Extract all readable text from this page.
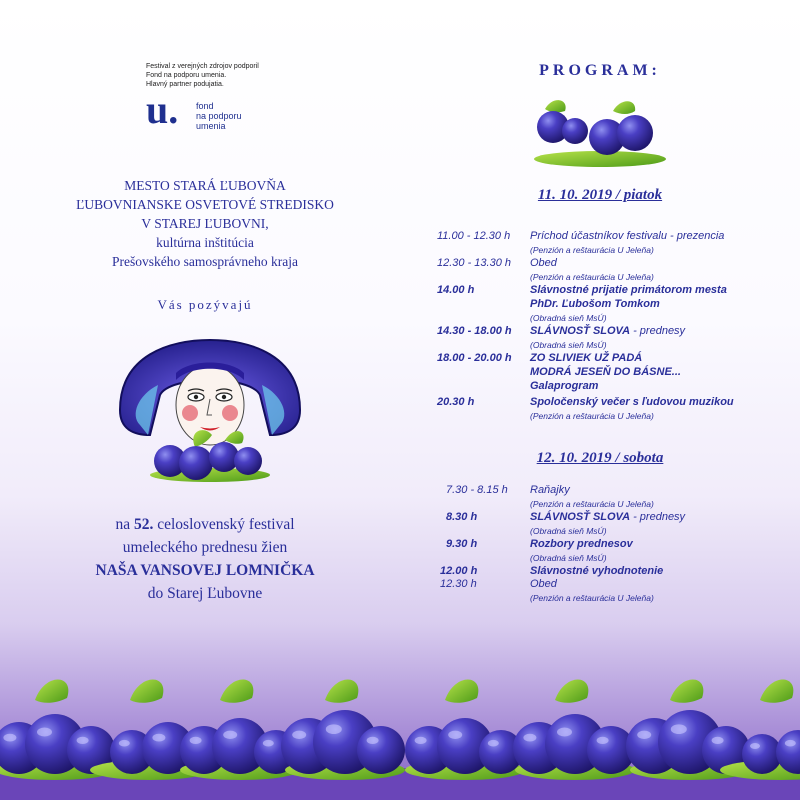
Festival z verejných zdrojov podporil
Fond na podporu umenia.
Hlavný partner podujatia.
u. fond
na podporu
umenia
MESTO STARÁ ĽUBOVŇA
ĽUBOVNIANSKE OSVETOVÉ STREDISKO
V STAREJ ĽUBOVNI,
kultúrna inštitúcia
Prešovského samosprávneho kraja
Vás pozývajú
na 52. celoslovenský festival
umeleckého prednesu žien
NAŠA VANSOVEJ LOMNIČKA
do Starej Ľubovne
PROGRAM:
11. 10. 2019 / piatok
11.00 - 12.30 h Príchod účastníkov festivalu - prezencia
(Penzión a reštaurácia U Jeleňa)
12.30 - 13.30 h Obed
(Penzión a reštaurácia U Jeleňa)
14.00 h	Slávnostné prijatie primátorom mesta
PhDr. Ľubošom Tomkom
(Obradná sieň MsÚ)
14.30 - 18.00 h SLÁVNOSŤ SLOVA - prednesy
(Obradná sieň MsÚ)
18.00 - 20.00 h ZO SLIVIEK UŽ PADÁ
MODRÁ JESEŇ DO BÁSNE...
Galaprogram
20.30 h	Spoločenský večer s ľudovou muzikou
(Penzión a reštaurácia U Jeleňa)
12. 10. 2019 / sobota
7.30 - 8.15 h Raňajky
(Penzión a reštaurácia U Jeleňa)
8.30 h	SLÁVNOSŤ SLOVA - prednesy
(Obradná sieň MsÚ)
9.30 h	Rozbory prednesov
(Obradná sieň MsÚ)
12.00 h	Slávnostné vyhodnotenie
12.30 h	Obed
(Penzión a reštaurácia U Jeleňa)
